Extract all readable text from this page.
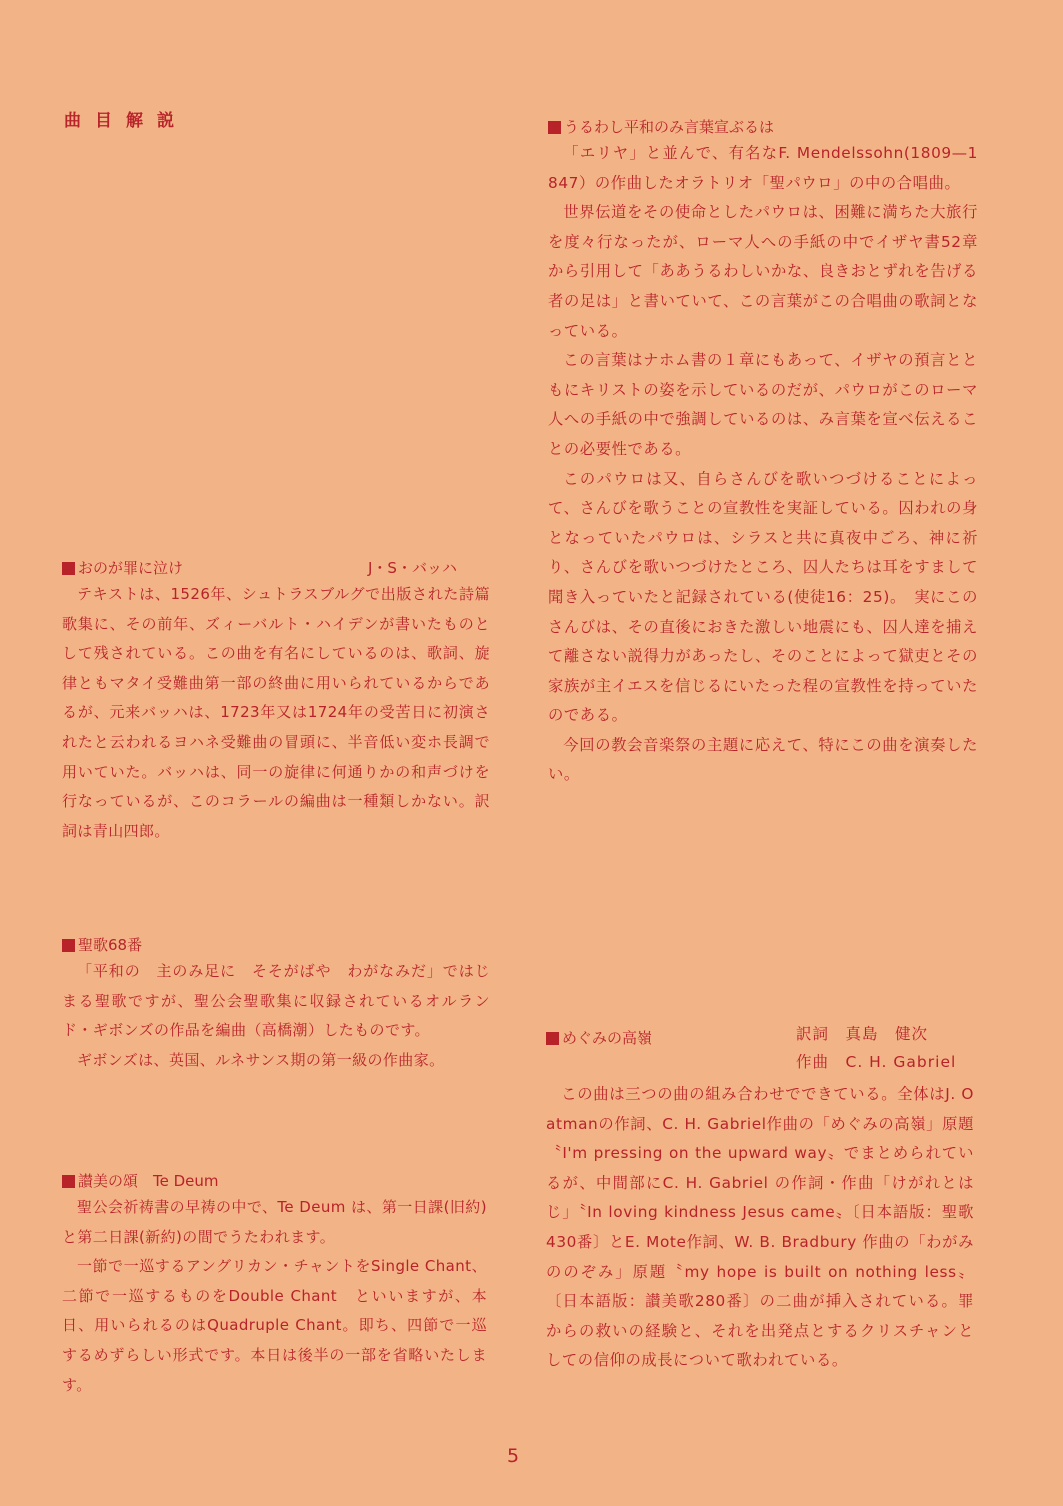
曲目解説
おのが罪に泣け	J・S・バッハ

テキストは、1526年、シュトラスブルグで出版された詩篇歌集に、その前年、ズィーバルト・ハイデンが書いたものとして残されている。この曲を有名にしているのは、歌詞、旋律ともマタイ受難曲第一部の終曲に用いられているからであるが、元来バッハは、1723年又は1724年の受苦日に初演されたと云われるヨハネ受難曲の冒頭に、半音低い変ホ長調で用いていた。バッハは、同一の旋律に何通りかの和声づけを行なっているが、このコラールの編曲は一種類しかない。訳詞は青山四郎。

聖歌68番

「平和の　主のみ足に　そそがばや　わがなみだ」ではじまる聖歌ですが、聖公会聖歌集に収録されているオルランド・ギボンズの作品を編曲（高橋潮）したものです。

ギボンズは、英国、ルネサンス期の第一級の作曲家。

讃美の頌　Te Deum

聖公会祈祷書の早祷の中で、Te Deum は、第一日課(旧約)と第二日課(新約)の間でうたわれます。

一節で一巡するアングリカン・チャントをSingle Chant、二節で一巡するものをDouble Chant　といいますが、本日、用いられるのはQuadruple Chant。即ち、四節で一巡するめずらしい形式です。本日は後半の一部を省略いたします。

うるわし平和のみ言葉宣ぶるは

「エリヤ」と並んで、有名なF. Mendelssohn(1809—1847）の作曲したオラトリオ「聖パウロ」の中の合唱曲。

世界伝道をその使命としたパウロは、困難に満ちた大旅行を度々行なったが、ローマ人への手紙の中でイザヤ書52章から引用して「ああうるわしいかな、良きおとずれを告げる者の足は」と書いていて、この言葉がこの合唱曲の歌詞となっている。

この言葉はナホム書の１章にもあって、イザヤの預言とともにキリストの姿を示しているのだが、パウロがこのローマ人への手紙の中で強調しているのは、み言葉を宣べ伝えることの必要性である。

このパウロは又、自らさんびを歌いつづけることによって、さんびを歌うことの宣教性を実証している。囚われの身となっていたパウロは、シラスと共に真夜中ごろ、神に祈り、さんびを歌いつづけたところ、囚人たちは耳をすまして聞き入っていたと記録されている(使徒16：25)。　実にこのさんびは、その直後におきた激しい地震にも、囚人達を捕えて離さない説得力があったし、そのことによって獄吏とその家族が主イエスを信じるにいたった程の宣教性を持っていたのである。

今回の教会音楽祭の主題に応えて、特にこの曲を演奏したい。

めぐみの高嶺	訳詞　真島　健次
作曲　C. H. Gabriel

この曲は三つの曲の組み合わせでできている。全体はJ. Oatmanの作詞、C. H. Gabriel作曲の「めぐみの高嶺」原題〝I'm pressing on the upward way〟でまとめられているが、中間部にC. H. Gabriel の作詞・作曲「けがれとはじ」〝In loving kindness Jesus came〟〔日本語版：聖歌430番〕とE. Mote作詞、W. B. Bradbury 作曲の「わがみののぞみ」原題〝my hope is built on nothing less〟〔日本語版：讃美歌280番〕の二曲が挿入されている。罪からの救いの経験と、それを出発点とするクリスチャンとしての信仰の成長について歌われている。

5
